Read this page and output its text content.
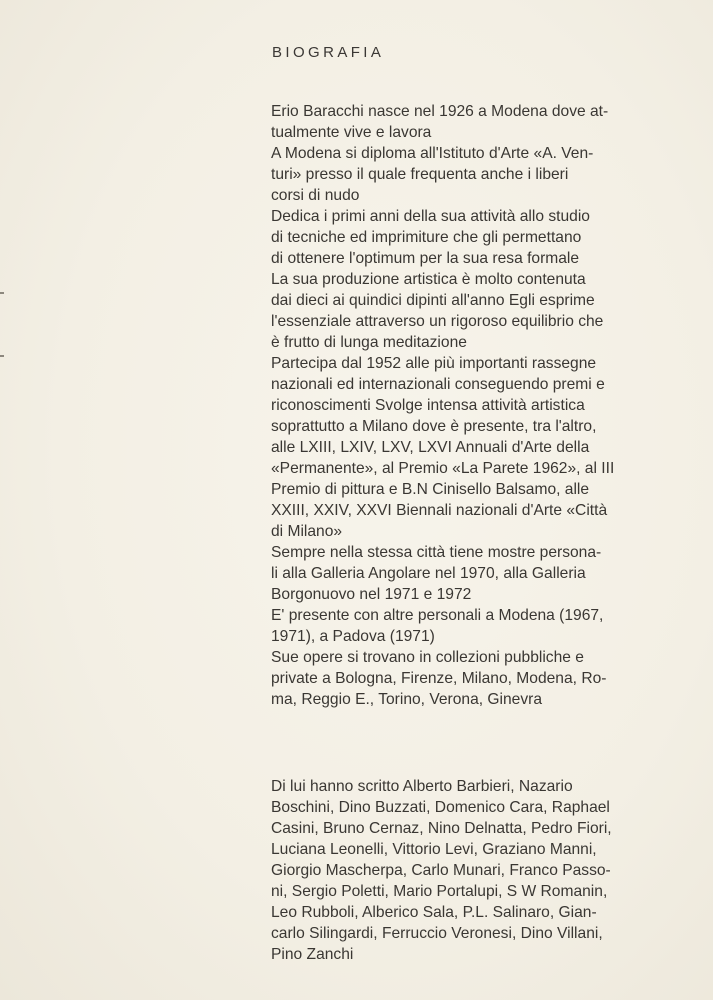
BIOGRAFIA
Erio Baracchi nasce nel 1926 a Modena dove at-
tualmente vive e lavora
A Modena si diploma all'Istituto d'Arte «A. Ven-
turi» presso il quale frequenta anche i liberi
corsi di nudo
Dedica i primi anni della sua attività allo studio
di tecniche ed imprimiture che gli permettano
di ottenere l'optimum per la sua resa formale
La sua produzione artistica è molto contenuta
dai dieci ai quindici dipinti all'anno Egli esprime
l'essenziale attraverso un rigoroso equilibrio che
è frutto di lunga meditazione
Partecipa dal 1952 alle più importanti rassegne
nazionali ed internazionali conseguendo premi e
riconoscimenti Svolge intensa attività artistica
soprattutto a Milano dove è presente, tra l'altro,
alle LXIII, LXIV, LXV, LXVI Annuali d'Arte della
«Permanente», al Premio «La Parete 1962», al III
Premio di pittura e B.N Cinisello Balsamo, alle
XXIII, XXIV, XXVI Biennali nazionali d'Arte «Città
di Milano»
Sempre nella stessa città tiene mostre persona-
li alla Galleria Angolare nel 1970, alla Galleria
Borgonuovo nel 1971 e 1972
E' presente con altre personali a Modena (1967,
1971), a Padova (1971)
Sue opere si trovano in collezioni pubbliche e
private a Bologna, Firenze, Milano, Modena, Ro-
ma, Reggio E., Torino, Verona, Ginevra
Di lui hanno scritto Alberto Barbieri, Nazario
Boschini, Dino Buzzati, Domenico Cara, Raphael
Casini, Bruno Cernaz, Nino Delnatta, Pedro Fiori,
Luciana Leonelli, Vittorio Levi, Graziano Manni,
Giorgio Mascherpa, Carlo Munari, Franco Passo-
ni, Sergio Poletti, Mario Portalupi, S W Romanin,
Leo Rubboli, Alberico Sala, P.L. Salinaro, Gian-
carlo Silingardi, Ferruccio Veronesi, Dino Villani,
Pino Zanchi
